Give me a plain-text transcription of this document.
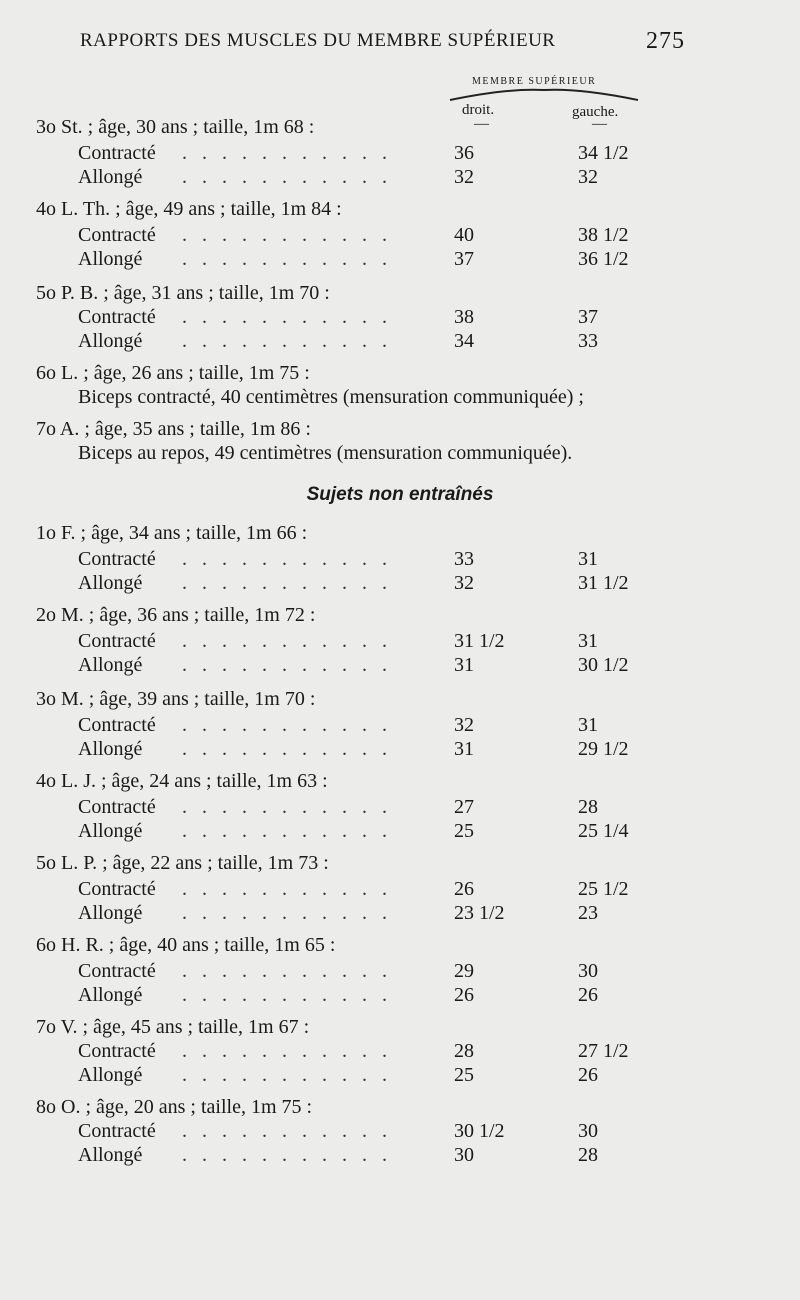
RAPPORTS DES MUSCLES DU MEMBRE SUPÉRIEUR	275
MEMBRE SUPÉRIEUR
droit.	gauche.
—	—
3o St. ; âge, 30 ans ; taille, 1m 68 :
. . . . . . . . . . .
Contracté	36	34 1/2
. . . . . . . . . . .
Allongé	32	32
4o L. Th. ; âge, 49 ans ; taille, 1m 84 :
. . . . . . . . . . .
Contracté	40	38 1/2
. . . . . . . . . . .
Allongé	37	36 1/2
5o P. B. ; âge, 31 ans ; taille, 1m 70 :
. . . . . . . . . . .
Contracté	38	37
. . . . . . . . . . .
Allongé	34	33
6o L. ; âge, 26 ans ; taille, 1m 75 :
Biceps contracté, 40 centimètres (mensuration communiquée) ;
7o A. ; âge, 35 ans ; taille, 1m 86 :
Biceps au repos, 49 centimètres (mensuration communiquée).
Sujets non entraînés
1o F. ; âge, 34 ans ; taille, 1m 66 :
. . . . . . . . . . .
Contracté	33	31
. . . . . . . . . . .
Allongé	32	31 1/2
2o M. ; âge, 36 ans ; taille, 1m 72 :
. . . . . . . . . . .
Contracté	31 1/2	31
. . . . . . . . . . .
Allongé	31	30 1/2
3o M. ; âge, 39 ans ; taille, 1m 70 :
. . . . . . . . . . .
Contracté	32	31
. . . . . . . . . . .
Allongé	31	29 1/2
4o L. J. ; âge, 24 ans ; taille, 1m 63 :
. . . . . . . . . . .
Contracté	27	28
. . . . . . . . . . .
Allongé	25	25 1/4
5o L. P. ; âge, 22 ans ; taille, 1m 73 :
. . . . . . . . . . .
Contracté	26	25 1/2
. . . . . . . . . . .
Allongé	23 1/2	23
6o H. R. ; âge, 40 ans ; taille, 1m 65 :
. . . . . . . . . . .
Contracté	29	30
. . . . . . . . . . .
Allongé	26	26
7o V. ; âge, 45 ans ; taille, 1m 67 :
. . . . . . . . . . .
Contracté	28	27 1/2
. . . . . . . . . . .
Allongé	25	26
8o O. ; âge, 20 ans ; taille, 1m 75 :
. . . . . . . . . . .
Contracté	30 1/2	30
. . . . . . . . . . .
Allongé	30	28
